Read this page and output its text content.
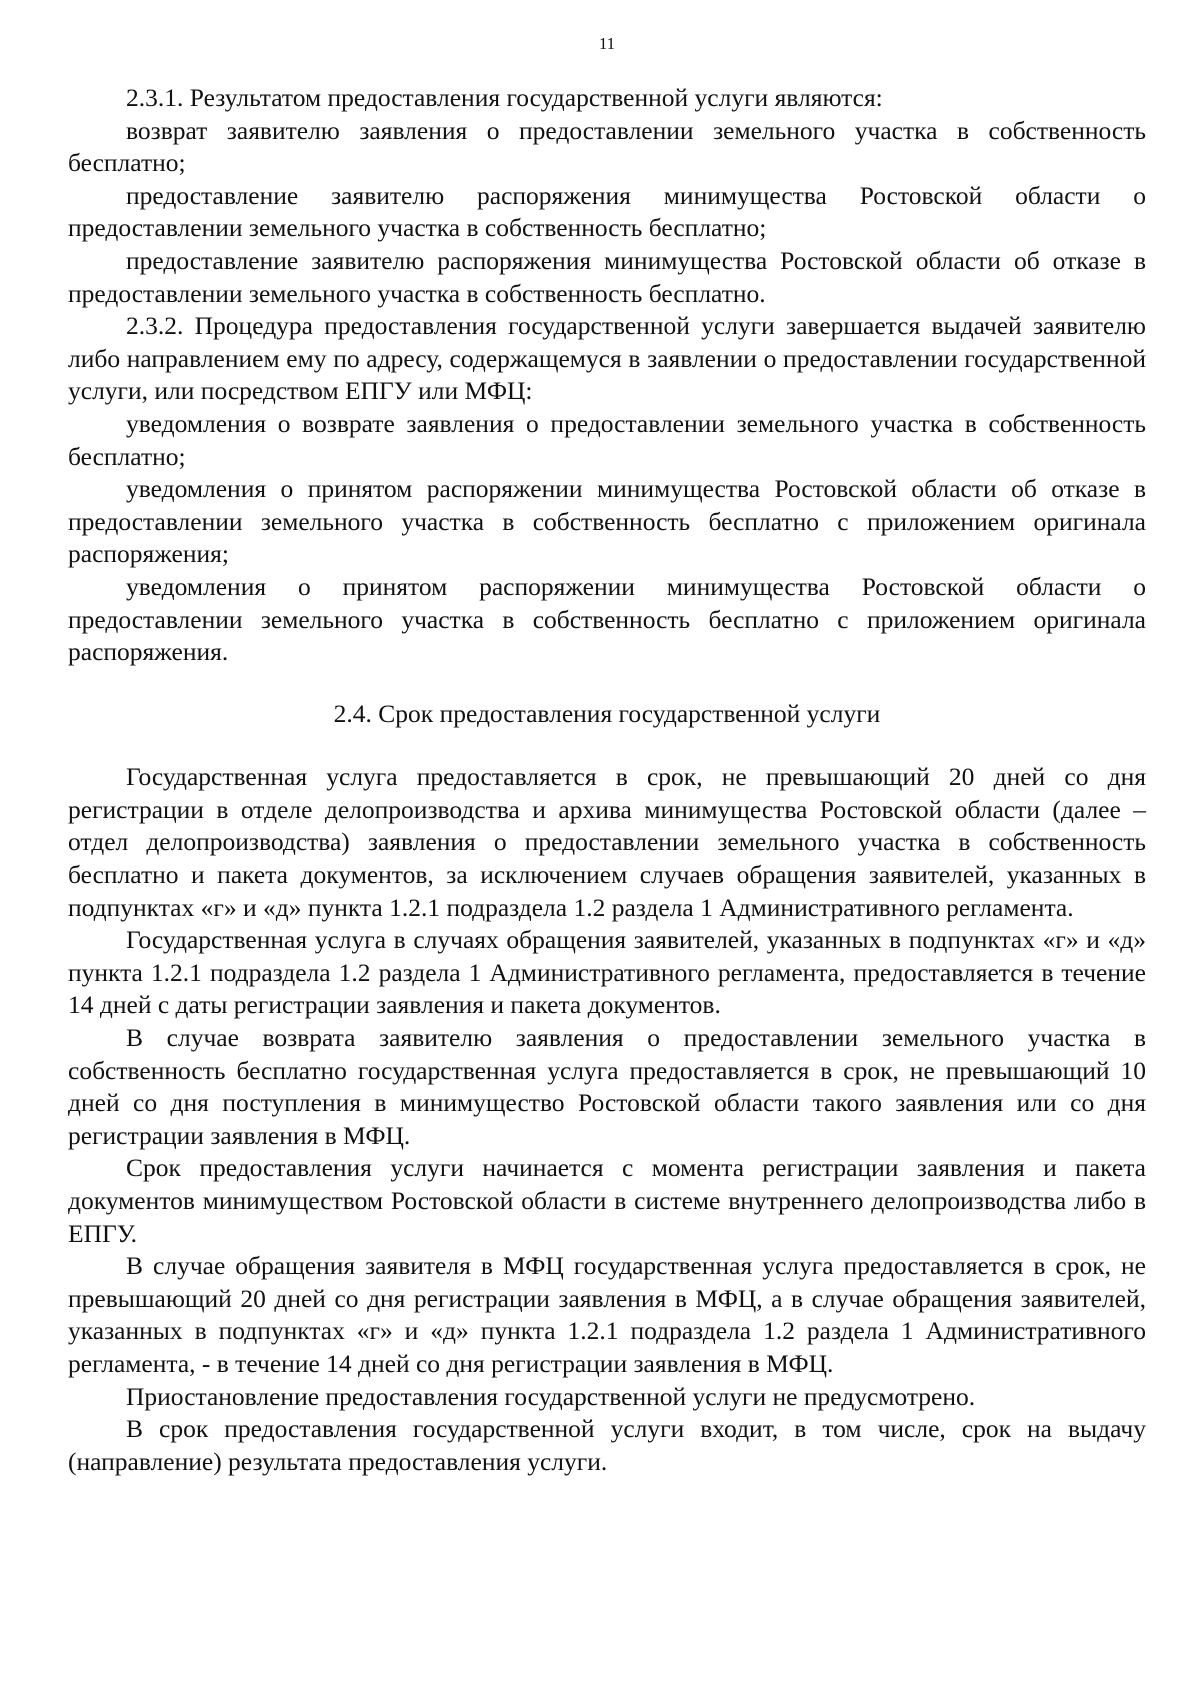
11

2.3.1. Результатом предоставления государственной услуги являются:

возврат заявителю заявления о предоставлении земельного участка в собственность бесплатно;

предоставление заявителю распоряжения минимущества Ростовской области о предоставлении земельного участка в собственность бесплатно;

предоставление заявителю распоряжения минимущества Ростовской области об отказе в предоставлении земельного участка в собственность бесплатно.

2.3.2. Процедура предоставления государственной услуги завершается выдачей заявителю либо направлением ему по адресу, содержащемуся в заявлении о предоставлении государственной услуги, или посредством ЕПГУ или МФЦ:

уведомления о возврате заявления о предоставлении земельного участка в собственность бесплатно;

уведомления о принятом распоряжении минимущества Ростовской области об отказе в предоставлении земельного участка в собственность бесплатно с приложением оригинала распоряжения;

уведомления о принятом распоряжении минимущества Ростовской области о предоставлении земельного участка в собственность бесплатно с приложением оригинала распоряжения.

2.4. Срок предоставления государственной услуги

Государственная услуга предоставляется в срок, не превышающий 20 дней со дня регистрации в отделе делопроизводства и архива минимущества Ростовской области (далее – отдел делопроизводства) заявления о предоставлении земельного участка в собственность бесплатно и пакета документов, за исключением случаев обращения заявителей, указанных в подпунктах «г» и «д» пункта 1.2.1 подраздела 1.2 раздела 1 Административного регламента.

Государственная услуга в случаях обращения заявителей, указанных в подпунктах «г» и «д» пункта 1.2.1 подраздела 1.2 раздела 1 Административного регламента, предоставляется в течение 14 дней с даты регистрации заявления и пакета документов.

В случае возврата заявителю заявления о предоставлении земельного участка в собственность бесплатно государственная услуга предоставляется в срок, не превышающий 10 дней со дня поступления в минимущество Ростовской области такого заявления или со дня регистрации заявления в МФЦ.

Срок предоставления услуги начинается с момента регистрации заявления и пакета документов минимуществом Ростовской области в системе внутреннего делопроизводства либо в ЕПГУ.

В случае обращения заявителя в МФЦ государственная услуга предоставляется в срок, не превышающий 20 дней со дня регистрации заявления в МФЦ, а в случае обращения заявителей, указанных в подпунктах «г» и «д» пункта 1.2.1 подраздела 1.2 раздела 1 Административного регламента, - в течение 14 дней со дня регистрации заявления в МФЦ.

Приостановление предоставления государственной услуги не предусмотрено.

В срок предоставления государственной услуги входит, в том числе, срок на выдачу (направление) результата предоставления услуги.
